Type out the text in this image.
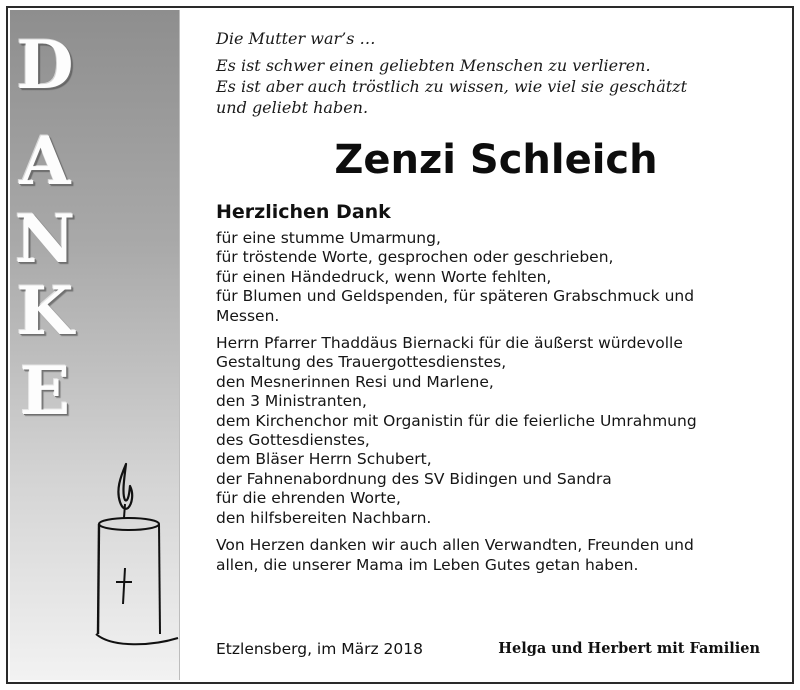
D
A
N
K
E

Die Mutter war’s …

Es ist schwer einen geliebten Menschen zu verlieren.

Es ist aber auch tröstlich zu wissen, wie viel sie geschätzt

und geliebt haben.

Zenzi Schleich
Herzlichen Dank
für eine stumme Umarmung,
für tröstende Worte, gesprochen oder geschrieben,
für einen Händedruck, wenn Worte fehlten,
für Blumen und Geldspenden, für späteren Grabschmuck und
Messen.
Herrn Pfarrer Thaddäus Biernacki für die äußerst würdevolle
Gestaltung des Trauergottesdienstes,
den Mesnerinnen Resi und Marlene,
den 3 Ministranten,
dem Kirchenchor mit Organistin für die feierliche Umrahmung
des Gottesdienstes,
dem Bläser Herrn Schubert,
der Fahnenabordnung des SV Bidingen und Sandra
für die ehrenden Worte,
den hilfsbereiten Nachbarn.
Von Herzen danken wir auch allen Verwandten, Freunden und
allen, die unserer Mama im Leben Gutes getan haben.
Etzlensberg, im März 2018	Helga und Herbert mit Familien
